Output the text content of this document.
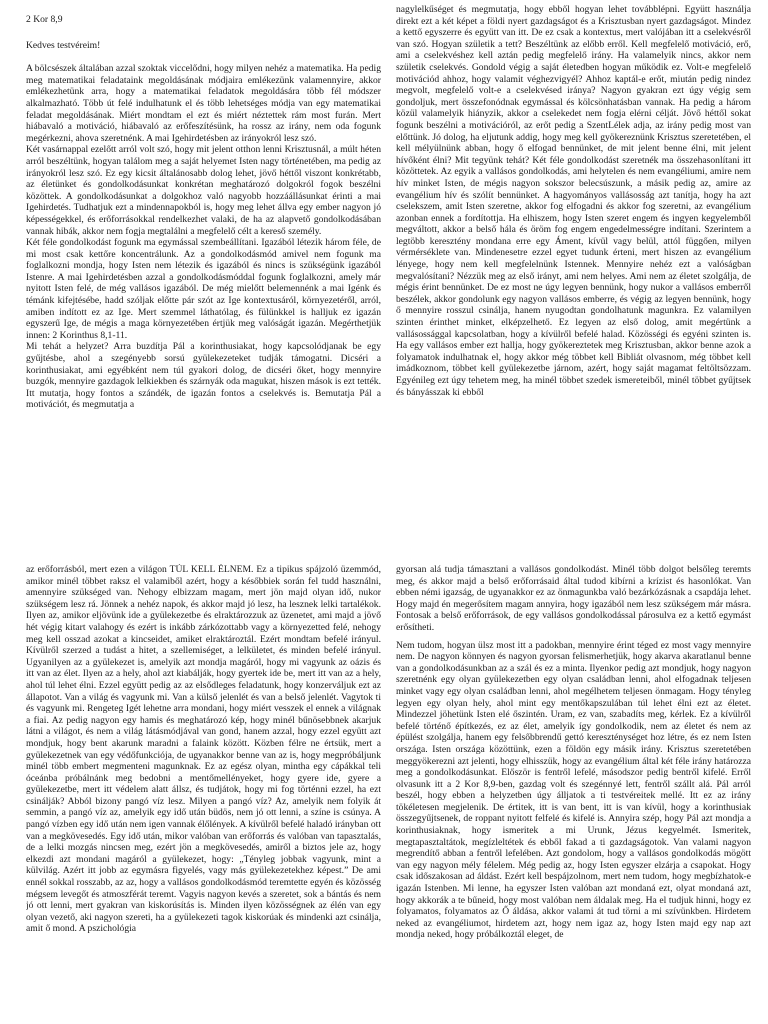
2 Kor 8,9

Kedves testvéreim!

A bölcsészek általában azzal szoktak viccelődni, hogy milyen nehéz a matematika. Ha pedig meg matematikai feladataink megoldásának módjaira emlékezünk valamennyire, akkor emlékezhetünk arra, hogy a matematikai feladatok megoldására több fél módszer alkalmazható. Több út felé indulhatunk el és több lehetséges módja van egy matematikai feladat megoldásának. Miért mondtam el ezt és miért néztettek rám most furán. Mert hiábavaló a motiváció, hiábavaló az erőfeszítésünk, ha rossz az irány, nem oda fogunk megérkezni, ahova szeretnénk. A mai Igehirdetésben az irányokról lesz szó.

Két vasárnappal ezelőtt arról volt szó, hogy mit jelent otthon lenni Krisztusnál, a múlt héten arról beszéltünk, hogyan találom meg a saját helyemet Isten nagy történetében, ma pedig az irányokról lesz szó. Ez egy kicsit általánosabb dolog lehet, jövő héttől viszont konkrétabb, az életünket és gondolkodásunkat konkrétan meghatározó dolgokról fogok beszélni közöttek. A gondolkodásunkat a dolgokhoz való nagyobb hozzáállásunkat érinti a mai Igehirdetés. Tudhatjuk ezt a mindennapokból is, hogy meg lehet állva egy ember nagyon jó képességekkel, és erőforrásokkal rendelkezhet valaki, de ha az alapvető gondolkodásában vannak hibák, akkor nem fogja megtalálni a megfelelő célt a kereső személy.

Két féle gondolkodást fogunk ma egymással szembeállítani. Igazából létezik három féle, de mi most csak kettőre koncentrálunk. Az a gondolkodásmód amivel nem fogunk ma foglalkozni mondja, hogy Isten nem létezik és igazából és nincs is szükségünk igazából Istenre. A mai Igehirdetésben azzal a gondolkodásmóddal fogunk foglalkozni, amely már nyitott Isten felé, de még vallásos igazából. De még mielőtt belemennénk a mai Igénk és témánk kifejtésébe, hadd szóljak előtte pár szót az Ige kontextusáról, környezetéről, arról, amiben indított ez az Ige. Mert szemmel láthatólag, és fülünkkel is halljuk ez igazán egyszerű Ige, de mégis a maga környezetében értjük meg valóságát igazán. Megérthetjük innen: 2 Korinthus 8,1-11.

Mi tehát a helyzet? Arra buzdítja Pál a korinthusiakat, hogy kapcsolódjanak be egy gyűjtésbe, ahol a szegényebb sorsú gyülekezeteket tudják támogatni. Dicséri a korinthusiakat, ami egyébként nem túl gyakori dolog, de dicséri őket, hogy mennyire buzgók, mennyire gazdagok lelkiekben és szárnyák oda magukat, hiszen mások is ezt tették. Itt mutatja, hogy fontos a szándék, de igazán fontos a cselekvés is. Bemutatja Pál a motivációt, és megmutatja a

nagylelkűséget és megmutatja, hogy ebből hogyan lehet továbblépni. Együtt használja direkt ezt a két képet a földi nyert gazdagságot és a Krisztusban nyert gazdagságot. Mindez a kettő egyszerre és együtt van itt. De ez csak a kontextus, mert valójában itt a cselekvésről van szó. Hogyan születik a tett? Beszéltünk az előbb erről. Kell megfelelő motiváció, erő, ami a cselekvéshez kell aztán pedig megfelelő irány. Ha valamelyik nincs, akkor nem születik cselekvés. Gondold végig a saját életedben hogyan működik ez. Volt-e megfelelő motivációd ahhoz, hogy valamit véghezvigyél? Ahhoz kaptál-e erőt, miután pedig nindez megvolt, megfelelő volt-e a cselekvésed iránya? Nagyon gyakran ezt úgy végig sem gondoljuk, mert összefonódnak egymással és kölcsönhatásban vannak. Ha pedig a három közül valamelyik hiányzik, akkor a cselekedet nem fogja elérni célját. Jövő héttől sokat fogunk beszélni a motivációról, az erőt pedig a SzentLélek adja, az irány pedig most van előttünk. Jó dolog, ha eljutunk addig, hogy meg kell gyökereznünk Krisztus szeretetében, el kell mélyülnünk abban, hogy ő elfogad bennünket, de mit jelent benne élni, mit jelent hívőként élni? Mit tegyünk tehát? Két féle gondolkodást szeretnék ma összehasonlítani itt közöttetek. Az egyik a vallásos gondolkodás, ami helytelen és nem evangéliumi, amire nem hív minket Isten, de mégis nagyon sokszor belecsúszunk, a másik pedig az, amire az evangélium hív és szólít bennünket. A hagyományos vallásosság azt tanítja, hogy ha azt cselekszem, amit Isten szeretne, akkor fog elfogadni és akkor fog szeretni, az evangélium azonban ennek a fordítottja. Ha elhiszem, hogy Isten szeret engem és ingyen kegyelemből megváltott, akkor a belső hála és öröm fog engem engedelmességre indítani. Szerintem a legtöbb keresztény mondana erre egy Áment, kívül vagy belül, attól függően, milyen vérmérséklete van. Mindenesetre ezzel egyet tudunk érteni, mert hiszen az evangélium lényege, hogy nem kell megfelelnünk Istennek. Mennyire nehéz ezt a valóságban megvalósítani? Nézzük meg az első irányt, ami nem helyes. Ami nem az életet szolgálja, de mégis érint bennünket. De ez most ne úgy legyen bennünk, hogy nukor a vallásos emberről beszélek, akkor gondolunk egy nagyon vallásos emberre, és végig az legyen bennünk, hogy ő mennyire rosszul csinálja, hanem nyugodtan gondolhatunk magunkra. Ez valamilyen szinten érinthet minket, elképzelhető. Ez legyen az első dolog, amit megértünk a vallásossággal kapcsolatban, hogy a kívülről befelé halad. Közösségi és egyéni szinten is. Ha egy vallásos ember ezt hallja, hogy gyökereztetek meg Krisztusban, akkor benne azok a folyamatok indulhatnak el, hogy akkor még többet kell Bibliát olvasnom, még többet kell imádkoznom, többet kell gyülekezetbe járnom, azért, hogy saját magamat feltöltsözzam. Egyénileg ezt úgy tehetem meg, ha minél többet szedek ismereteiből, minél többet gyűjtsek és bányásszak ki ebből

az erőforrásból, mert ezen a világon TÚL KELL ÉLNEM. Ez a tipikus spájzoló üzemmód, amikor minél többet raksz el valamiből azért, hogy a későbbiek során fel tudd használni, amennyire szükséged van. Nehogy elbizzam magam, mert jön majd olyan idő, nukor szükségem lesz rá. Jönnek a nehéz napok, és akkor majd jó lesz, ha lesznek lelki tartalékok. Ilyen az, amikor eljövünk ide a gyülekezetbe és elraktározzuk az üzenetet, ami majd a jövő hét végig kitart valahogy és ezért is inkább zárkózottabb vagy a környezetted felé, nehogy meg kell osszad azokat a kincseidet, amiket elraktároztál. Ezért mondtam befelé irányul. Kívülről szerzed a tudást a hitet, a szellemiséget, a lelkületet, és minden befelé irányul. Ugyanilyen az a gyülekezet is, amelyik azt mondja magáról, hogy mi vagyunk az oázis és itt van az élet. Ilyen az a hely, ahol azt kiabálják, hogy gyertek ide be, mert itt van az a hely, ahol túl lehet élni. Ezzel együtt pedig az az elsődleges feladatunk, hogy konzerváljuk ezt az állapotot. Van a világ és vagyunk mi. Van a külső jelenlét és van a belső jelenlét. Vagytok ti és vagyunk mi. Rengeteg Igét lehetne arra mondani, hogy miért vesszek el ennek a világnak a fiai. Az pedig nagyon egy hamis és meghatározó kép, hogy minél bűnösebbnek akarjuk látni a világot, és nem a világ látásmódjával van gond, hanem azzal, hogy ezzel együtt azt mondjuk, hogy bent akarunk maradni a falaink között. Közben félre ne értsük, mert a gyülekezetnek van egy védőfunkciója, de ugyanakkor benne van az is, hogy megpróbáljunk minél több embert megmenteni magunknak. Ez az egész olyan, mintha egy cápákkal teli óceánba próbálnánk meg bedobni a mentőmellényeket, hogy gyere ide, gyere a gyülekezetbe, mert itt védelem alatt állsz, és tudjátok, hogy mi fog történni ezzel, ha ezt csinálják? Abból bizony pangó víz lesz. Milyen a pangó víz? Az, amelyik nem folyik át semmin, a pangó víz az, amelyik egy idő után büdös, nem jó ott lenni, a színe is csúnya. A pangó vízben egy idő után nem igen vannak élőlények. A kívülről befelé haladó irányban ott van a megkövesedés. Egy idő után, mikor valóban van erőforrás és valóban van tapasztalás, de a lelki mozgás nincsen meg, ezért jön a megkövesedés, amiről a biztos jele az, hogy elkezdi azt mondani magáról a gyülekezet, hogy: „Tényleg jobbak vagyunk, mint a külvilág. Azért itt jobb az egymásra figyelés, vagy más gyülekezetekhez képest.” De ami ennél sokkal rosszabb, az az, hogy a vallásos gondolkodásmód teremtette egyén és közösség mégsem levegőt és atmoszférát teremt. Vagyis nagyon kevés a szeretet, sok a bántás és nem jó ott lenni, mert gyakran van kiskorúsítás is. Minden ilyen közösségnek az élén van egy olyan vezető, aki nagyon szereti, ha a gyülekezeti tagok kiskorúak és mindenki azt csinálja, amit ő mond. A pszichológia

gyorsan alá tudja támasztani a vallásos gondolkodást. Minél több dolgot belsőleg teremts meg, és akkor majd a belső erőforrásaid által tudod kibírni a krízist és hasonlókat. Van ebben némi igazság, de ugyanakkor ez az önmagunkba való bezárkózásnak a csapdája lehet. Hogy majd én megerősítem magam annyira, hogy igazából nem lesz szükségem már másra. Fontosak a belső erőforrások, de egy vallásos gondolkodással párosulva ez a kettő egymást erősítheti.

Nem tudom, hogyan ülsz most itt a padokban, mennyire érint téged ez most vagy mennyire nem. De nagyon könnyen és nagyon gyorsan felismerhetjük, hogy akarva akaratlanul benne van a gondolkodásunkban az a szál és ez a minta. Ilyenkor pedig azt mondjuk, hogy nagyon szeretnénk egy olyan gyülekezetben egy olyan családban lenni, ahol elfogadnak teljesen minket vagy egy olyan családban lenni, ahol megélhetem teljesen önmagam. Hogy tényleg legyen egy olyan hely, ahol mint egy mentőkapszulában túl lehet élni ezt az életet. Mindezzel jöhetünk Isten elé őszintén. Uram, ez van, szabadíts meg, kérlek. Ez a kívülről befelé történő építkezés, ez az élet, amelyik így gondolkodik, nem az életet és nem az épülést szolgálja, hanem egy felsőbbrendű gettó kereszténységet hoz létre, és ez nem Isten országa. Isten országa közöttünk, ezen a földön egy másik irány. Krisztus szeretetében meggyökerezni azt jelenti, hogy elhisszük, hogy az evangélium által két féle irány határozza meg a gondolkodásunkat. Először is fentről lefelé, másodszor pedig bentről kifelé. Erről olvasunk itt a 2 Kor 8,9-ben, gazdag volt és szegénnyé lett, fentről szállt alá. Pál arról beszél, hogy ebben a helyzetben úgy álljatok a ti testvéreitek mellé. Itt ez az irány tökéletesen megjelenik. De értitek, itt is van bent, itt is van kívül, hogy a korinthusiak összegyűjtsenek, de roppant nyitott felfelé és kifelé is. Annyira szép, hogy Pál azt mondja a korinthusiaknak, hogy ismeritek a mi Urunk, Jézus kegyelmét. Ismeritek, megtapasztaltátok, megízleltétek és ebből fakad a ti gazdagságotok. Van valami nagyon megrendítő abban a fentről lefelében. Azt gondolom, hogy a vallásos gondolkodás mögött van egy nagyon mély félelem. Még pedig az, hogy Isten egyszer elzárja a csapokat. Hogy csak időszakosan ad áldást. Ezért kell bespájzolnom, mert nem tudom, hogy megbízhatok-e igazán Istenben. Mi lenne, ha egyszer Isten valóban azt mondaná ezt, olyat mondaná azt, hogy akkorák a te bűneid, hogy most valóban nem áldalak meg. Ha el tudjuk hinni, hogy ez folyamatos, folyamatos az Ő áldása, akkor valami át tud törni a mi szívünkben. Hirdetem neked az evangéliumot, hirdetem azt, hogy nem igaz az, hogy Isten majd egy nap azt mondja neked, hogy próbálkoztál eleget, de
